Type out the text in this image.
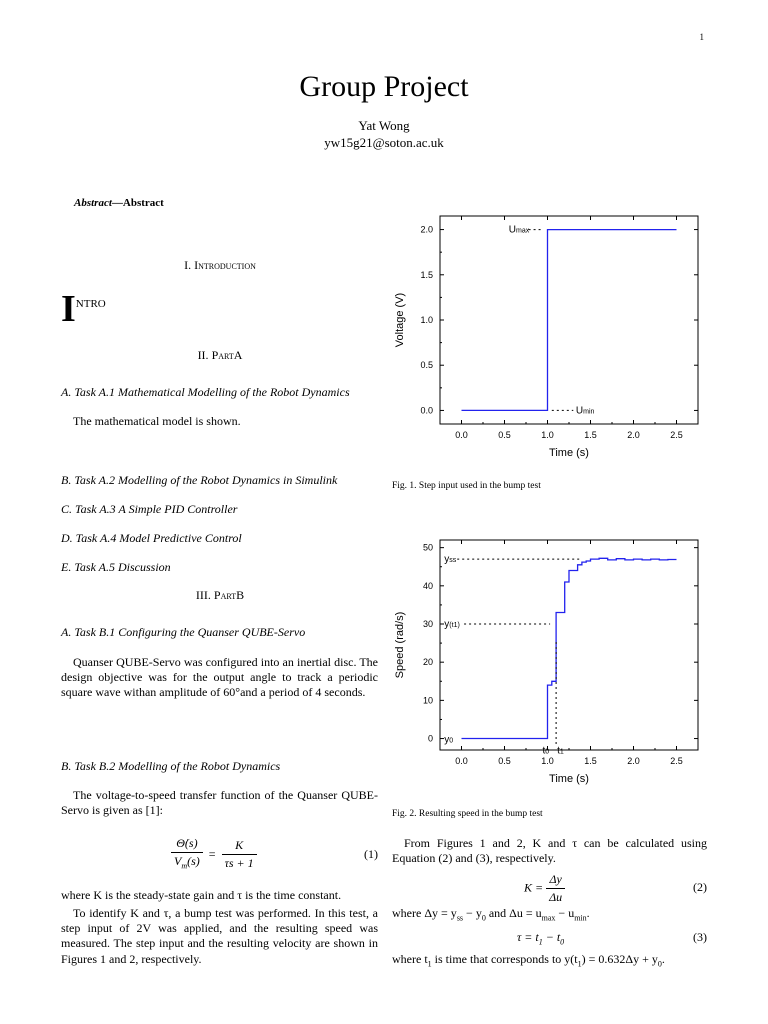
1
Group Project
Yat Wong
yw15g21@soton.ac.uk
Abstract—Abstract
I. Introduction
I $_{NTRO}$
II. PartA
A. Task A.1 Mathematical Modelling of the Robot Dynamics
The mathematical model is shown.
B. Task A.2 Modelling of the Robot Dynamics in Simulink
C. Task A.3 A Simple PID Controller
D. Task A.4 Model Predictive Control
E. Task A.5 Discussion
III. PartB
A. Task B.1 Configuring the Quanser QUBE-Servo

Quanser QUBE-Servo was configured into an inertial disc. The design objective was for the output angle to track a periodic square wave withan amplitude of 60°and a period of 4 seconds.

B. Task B.2 Modelling of the Robot Dynamics

The voltage-to-speed transfer function of the Quanser QUBE-Servo is given as [1]:

$\frac{\Thetȧ(s)}{V_m(s)} = \frac{K}{\tau s + 1}$	(1)
where K is the steady-state gain and τ is the time constant.

To identify K and τ, a bump test was performed. In this test, a step input of 2V was applied, and the resulting speed was measured. The step input and the resulting velocity are shown in Figures 1 and 2, respectively.

0.0	0.5	1.0	1.5	2.0	2.5
0.0
0.5
1.0
1.5
2.0
Time (s)
Voltage (V)
Umax
Umin
Fig. 1. Step input used in the bump test
0.0	0.5	1.0	1.5	2.0	2.5
0
10
20
30
40
50
Time (s)
Speed (rad/s)
yss
y(t1)
y0
t0 t1
Fig. 2. Resulting speed in the bump test

From Figures 1 and 2, K and τ can be calculated using Equation (2) and (3), respectively.

$K = \frac{\Delta y}{\Delta u}$	(2)
where $\Delta y = y_{ss} - y_0$ and $\Delta u = u_{max} - u_{min}$.
$\tau = t_1 - t_0$	(3)
where $t_1$ is time that corresponds to $y(t_1) = 0.632\Delta y + y_0$.
